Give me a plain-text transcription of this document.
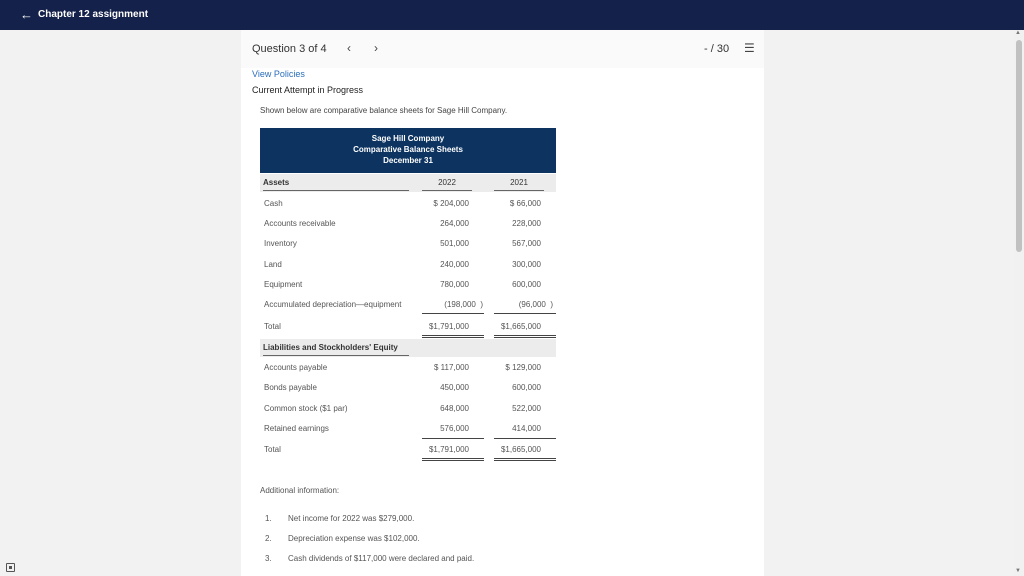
← Chapter 12 assignment
Question 3 of 4 ‹ ›	- / 30 ☰
View Policies
Current Attempt in Progress
Shown below are comparative balance sheets for Sage Hill Company.
Sage Hill Company
Comparative Balance Sheets
December 31
Assets	2022	2021
Cash	$ 204,000	$ 66,000
Accounts receivable	264,000	228,000
Inventory	501,000	567,000
Land	240,000	300,000
Equipment	780,000	600,000
Accumulated depreciation—equipment	(198,000  )	(96,000  )
Total	$1,791,000	$1,665,000
Liabilities and Stockholders' Equity
Accounts payable	$ 117,000	$ 129,000
Bonds payable	450,000	600,000
Common stock ($1 par)	648,000	522,000
Retained earnings	576,000	414,000
Total	$1,791,000	$1,665,000
Additional information:
1. Net income for 2022 was $279,000.
2. Depreciation expense was $102,000.
3. Cash dividends of $117,000 were declared and paid.
▲
▼
